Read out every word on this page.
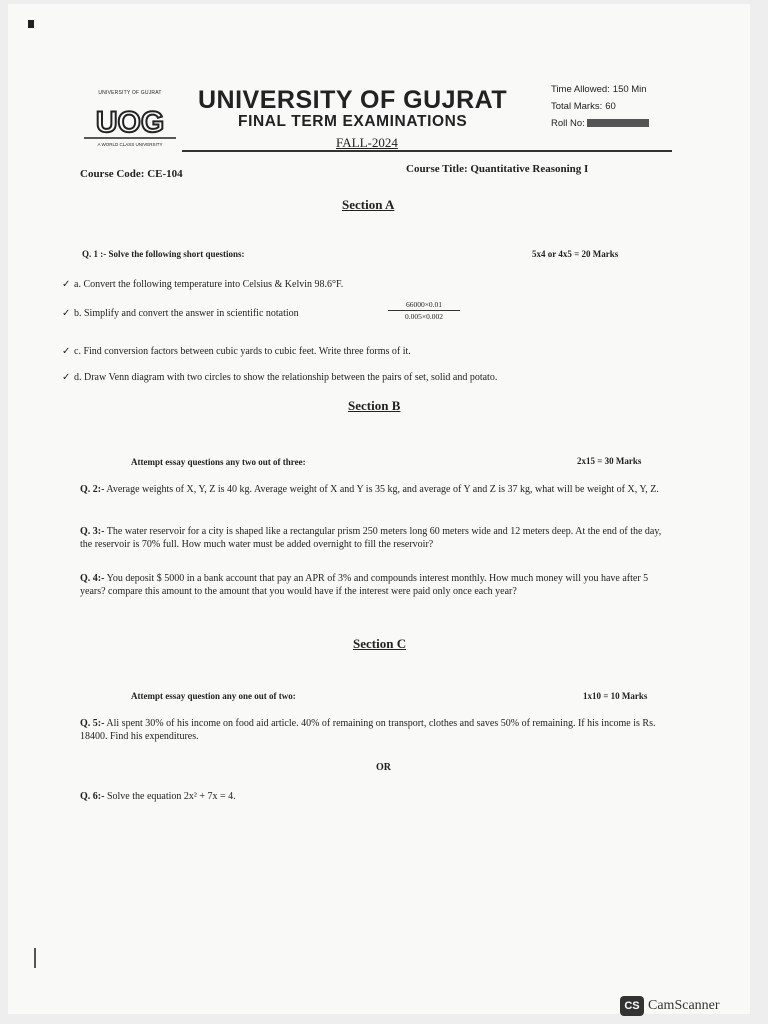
UNIVERSITY OF GUJRAT
UOG
A WORLD CLASS UNIVERSITY
UNIVERSITY OF GUJRAT
FINAL TERM EXAMINATIONS
FALL-2024
Time Allowed: 150 Min
Total Marks: 60
Roll No:
Course Code: CE-104	Course Title: Quantitative Reasoning I
Section A
Q. 1 :- Solve the following short questions:	5x4 or 4x5 = 20 Marks
✓ a. Convert the following temperature into Celsius & Kelvin 98.6°F.
✓ b. Simplify and convert the answer in scientific notation	$\frac{66000\times 0.01}{0.005\times 0.002}$
✓ c. Find conversion factors between cubic yards to cubic feet. Write three forms of it.
✓ d. Draw Venn diagram with two circles to show the relationship between the pairs of set, solid and potato.
Section B
Attempt essay questions any two out of three:	2x15 = 30 Marks
Q. 2:- Average weights of X, Y, Z is 40 kg. Average weight of X and Y is 35 kg, and average of Y and Z is 37 kg, what will be weight of X, Y, Z.
Q. 3:- The water reservoir for a city is shaped like a rectangular prism 250 meters long 60 meters wide and 12 meters deep. At the end of the day, the reservoir is 70% full. How much water must be added overnight to fill the reservoir?
Q. 4:- You deposit $ 5000 in a bank account that pay an APR of 3% and compounds interest monthly. How much money will you have after 5 years? compare this amount to the amount that you would have if the interest were paid only once each year?
Section C
Attempt essay question any one out of two:	1x10 = 10 Marks
Q. 5:- Ali spent 30% of his income on food aid article. 40% of remaining on transport, clothes and saves 50% of remaining. If his income is Rs. 18400. Find his expenditures.
OR
Q. 6:- Solve the equation 2x² + 7x = 4.
CS CamScanner
